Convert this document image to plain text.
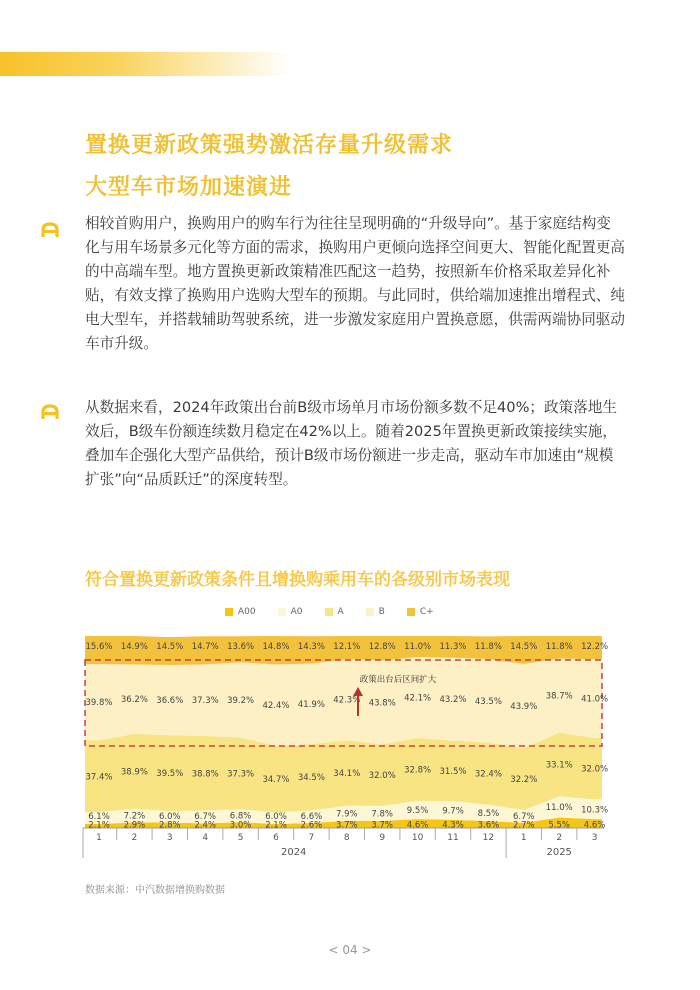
置换更新政策强势激活存量升级需求
大型车市场加速演进
相较首购用户，换购用户的购车行为往往呈现明确的“升级导向”。基于家庭结构变化与用车场景多元化等方面的需求，换购用户更倾向选择空间更大、智能化配置更高的中高端车型。地方置换更新政策精准匹配这一趋势，按照新车价格采取差异化补贴，有效支撑了换购用户选购大型车的预期。与此同时，供给端加速推出增程式、纯电大型车，并搭载辅助驾驶系统，进一步激发家庭用户置换意愿，供需两端协同驱动车市升级。
从数据来看，2024年政策出台前B级市场单月市场份额多数不足40%；政策落地生效后，B级车份额连续数月稳定在42%以上。随着2025年置换更新政策接续实施，叠加车企强化大型产品供给，预计B级市场份额进一步走高，驱动车市加速由“规模扩张”向“品质跃迁”的深度转型。
符合置换更新政策条件且增换购乘用车的各级别市场表现
A00	A0	A	B	C+
2.1% 2.9% 2.8% 2.4% 3.0% 2.1% 2.6% 3.7% 3.7% 4.6% 4.3% 3.6% 2.7% 5.5% 4.6%
6.1% 7.2% 6.0% 6.7% 6.8% 6.0% 6.6% 7.9% 7.8% 9.5% 9.7% 8.5% 6.7%
11.0% 10.3%
37.4%
38.9% 39.5% 38.8% 37.3%
34.7% 34.5% 34.1% 32.0%
32.8% 31.5% 32.4%
32.2%
33.1% 32.0%
39.8% 36.2% 36.6% 37.3% 39.2%
42.4% 41.9% 42.3% 43.8% 42.1% 43.2% 43.5%
43.9%
38.7% 41.0%
15.6% 14.9% 14.5% 14.7% 13.6% 14.8% 14.3% 12.1% 12.8% 11.0% 11.3% 11.8% 14.5% 11.8% 12.2%
政策出台后区间扩大
1	2	3	4	5	6	7	8	9	10	11	12	1	2	3
2024	2025
数据来源：中汽数据增换购数据
< 04 >
